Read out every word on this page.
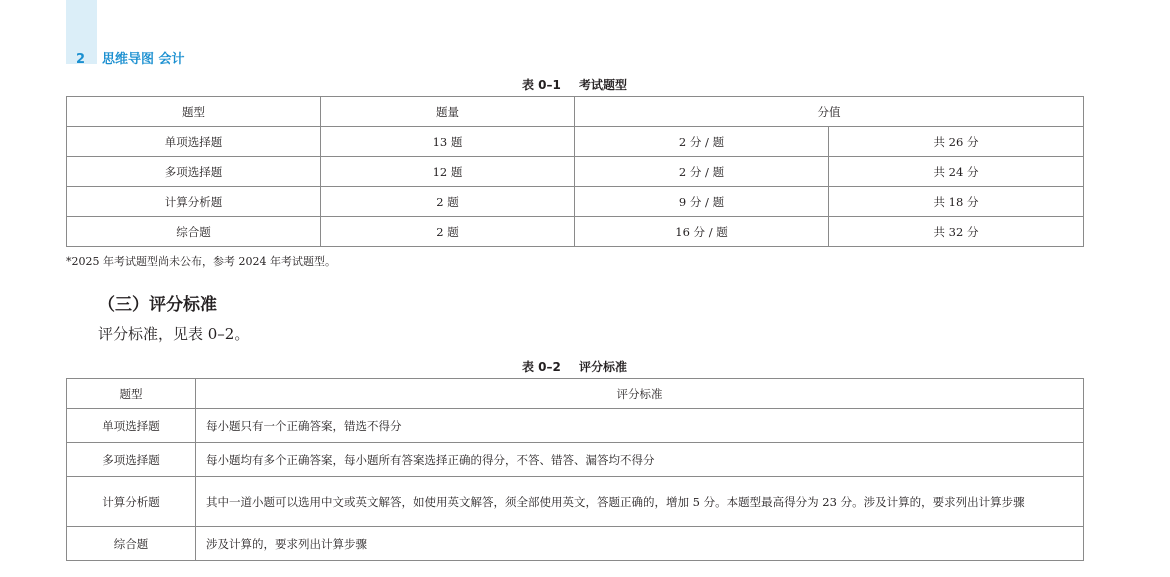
2	思维导图 会计
表 0–1 考试题型
题型	题量	分值	
单项选择题	13 题	2 分 / 题	共 26 分
多项选择题	12 题	2 分 / 题	共 24 分
计算分析题	2 题	9 分 / 题	共 18 分
综合题	2 题	16 分 / 题	共 32 分
*2025 年考试题型尚未公布，参考 2024 年考试题型。
（三）评分标准
评分标准，见表 0–2。
表 0–2 评分标准
题型	评分标准
单项选择题	每小题只有一个正确答案，错选不得分
多项选择题	每小题均有多个正确答案，每小题所有答案选择正确的得分，不答、错答、漏答均不得分
计算分析题	其中一道小题可以选用中文或英文解答，如使用英文解答，须全部使用英文，答题正确的，增加 5 分。本题型最高得分为 23 分。涉及计算的，要求列出计算步骤
综合题	涉及计算的，要求列出计算步骤
